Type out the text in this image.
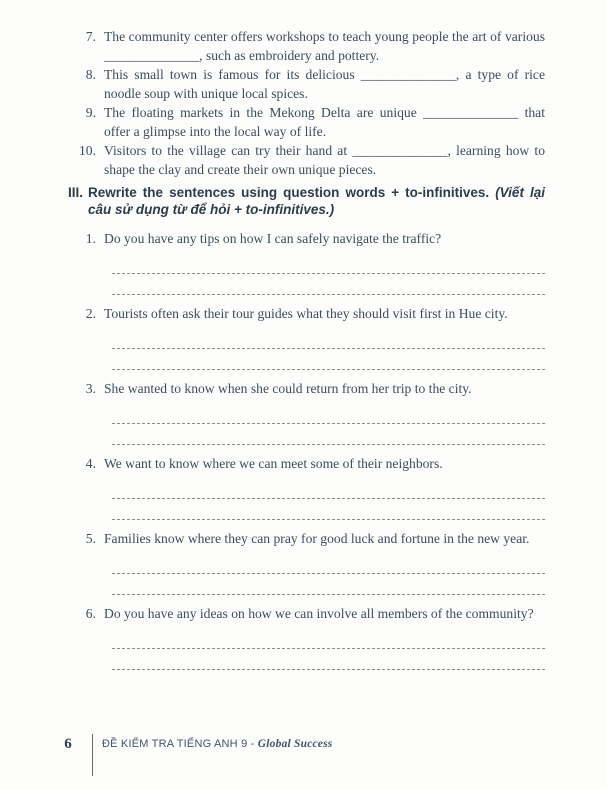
7. The community center offers workshops to teach young people the art of various ______________, such as embroidery and pottery.

8. This small town is famous for its delicious ______________, a type of rice noodle soup with unique local spices.

9. The floating markets in the Mekong Delta are unique ______________ that offer a glimpse into the local way of life.

10. Visitors to the village can try their hand at ______________, learning how to shape the clay and create their own unique pieces.

III. Rewrite the sentences using question words + to-infinitives. (Viết lại câu sử dụng từ để hỏi + to-infinitives.)

1. Do you have any tips on how I can safely navigate the traffic?

2. Tourists often ask their tour guides what they should visit first in Hue city.

3. She wanted to know when she could return from her trip to the city.

4. We want to know where we can meet some of their neighbors.

5. Families know where they can pray for good luck and fortune in the new year.

6. Do you have any ideas on how we can involve all members of the community?

6	ĐỀ KIỂM TRA TIẾNG ANH 9 - Global Success
